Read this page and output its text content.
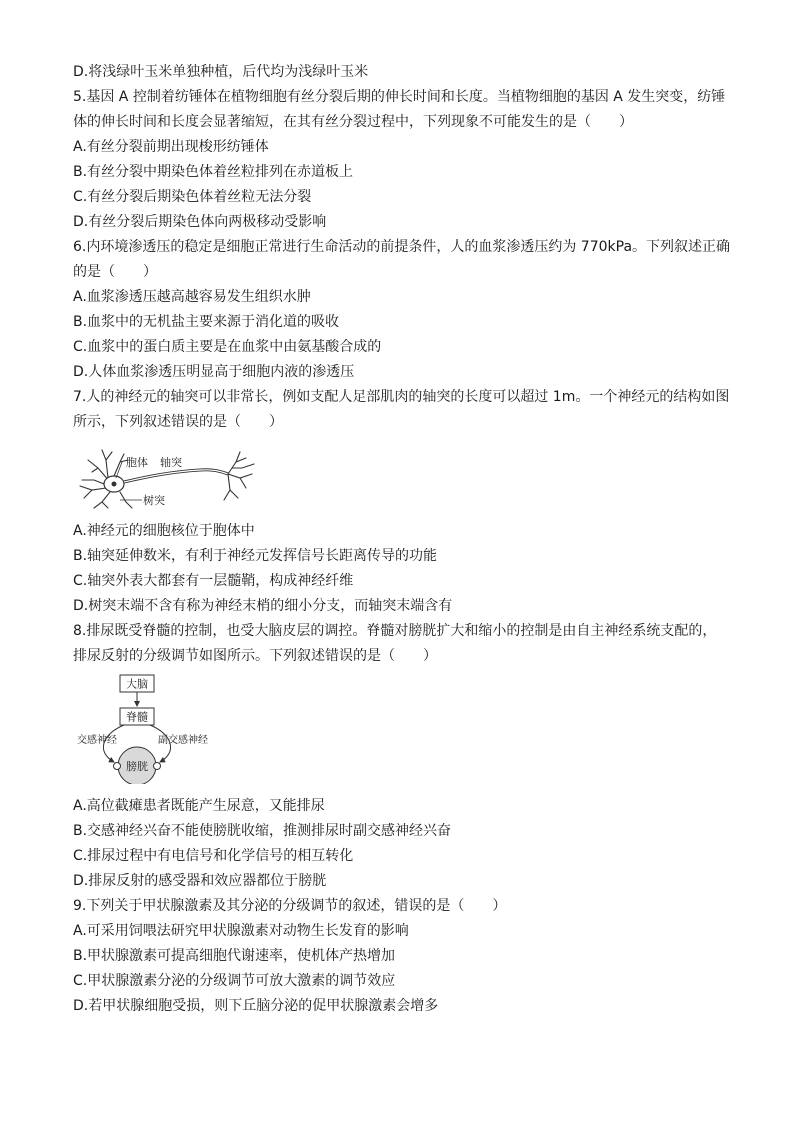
D.将浅绿叶玉米单独种植，后代均为浅绿叶玉米
5.基因 A 控制着纺锤体在植物细胞有丝分裂后期的伸长时间和长度。当植物细胞的基因 A 发生突变，纺锤
体的伸长时间和长度会显著缩短，在其有丝分裂过程中，下列现象不可能发生的是（　　）
A.有丝分裂前期出现梭形纺锤体
B.有丝分裂中期染色体着丝粒排列在赤道板上
C.有丝分裂后期染色体着丝粒无法分裂
D.有丝分裂后期染色体向两极移动受影响
6.内环境渗透压的稳定是细胞正常进行生命活动的前提条件，人的血浆渗透压约为 770kPa。下列叙述正确
的是（　　）
A.血浆渗透压越高越容易发生组织水肿
B.血浆中的无机盐主要来源于消化道的吸收
C.血浆中的蛋白质主要是在血浆中由氨基酸合成的
D.人体血浆渗透压明显高于细胞内液的渗透压
7.人的神经元的轴突可以非常长，例如支配人足部肌肉的轴突的长度可以超过 1m。一个神经元的结构如图
所示，下列叙述错误的是（　　）
胞体 轴突
树突
A.神经元的细胞核位于胞体中
B.轴突延伸数米，有利于神经元发挥信号长距离传导的功能
C.轴突外表大都套有一层髓鞘，构成神经纤维
D.树突末端不含有称为神经末梢的细小分支，而轴突末端含有
8.排尿既受脊髓的控制，也受大脑皮层的调控。脊髓对膀胱扩大和缩小的控制是由自主神经系统支配的，
排尿反射的分级调节如图所示。下列叙述错误的是（　　）
大脑
脊髓
交感神经	副交感神经
膀胱
A.高位截瘫患者既能产生尿意，又能排尿
B.交感神经兴奋不能使膀胱收缩，推测排尿时副交感神经兴奋
C.排尿过程中有电信号和化学信号的相互转化
D.排尿反射的感受器和效应器都位于膀胱
9.下列关于甲状腺激素及其分泌的分级调节的叙述，错误的是（　　）
A.可采用饲喂法研究甲状腺激素对动物生长发育的影响
B.甲状腺激素可提高细胞代谢速率，使机体产热增加
C.甲状腺激素分泌的分级调节可放大激素的调节效应
D.若甲状腺细胞受损，则下丘脑分泌的促甲状腺激素会增多
